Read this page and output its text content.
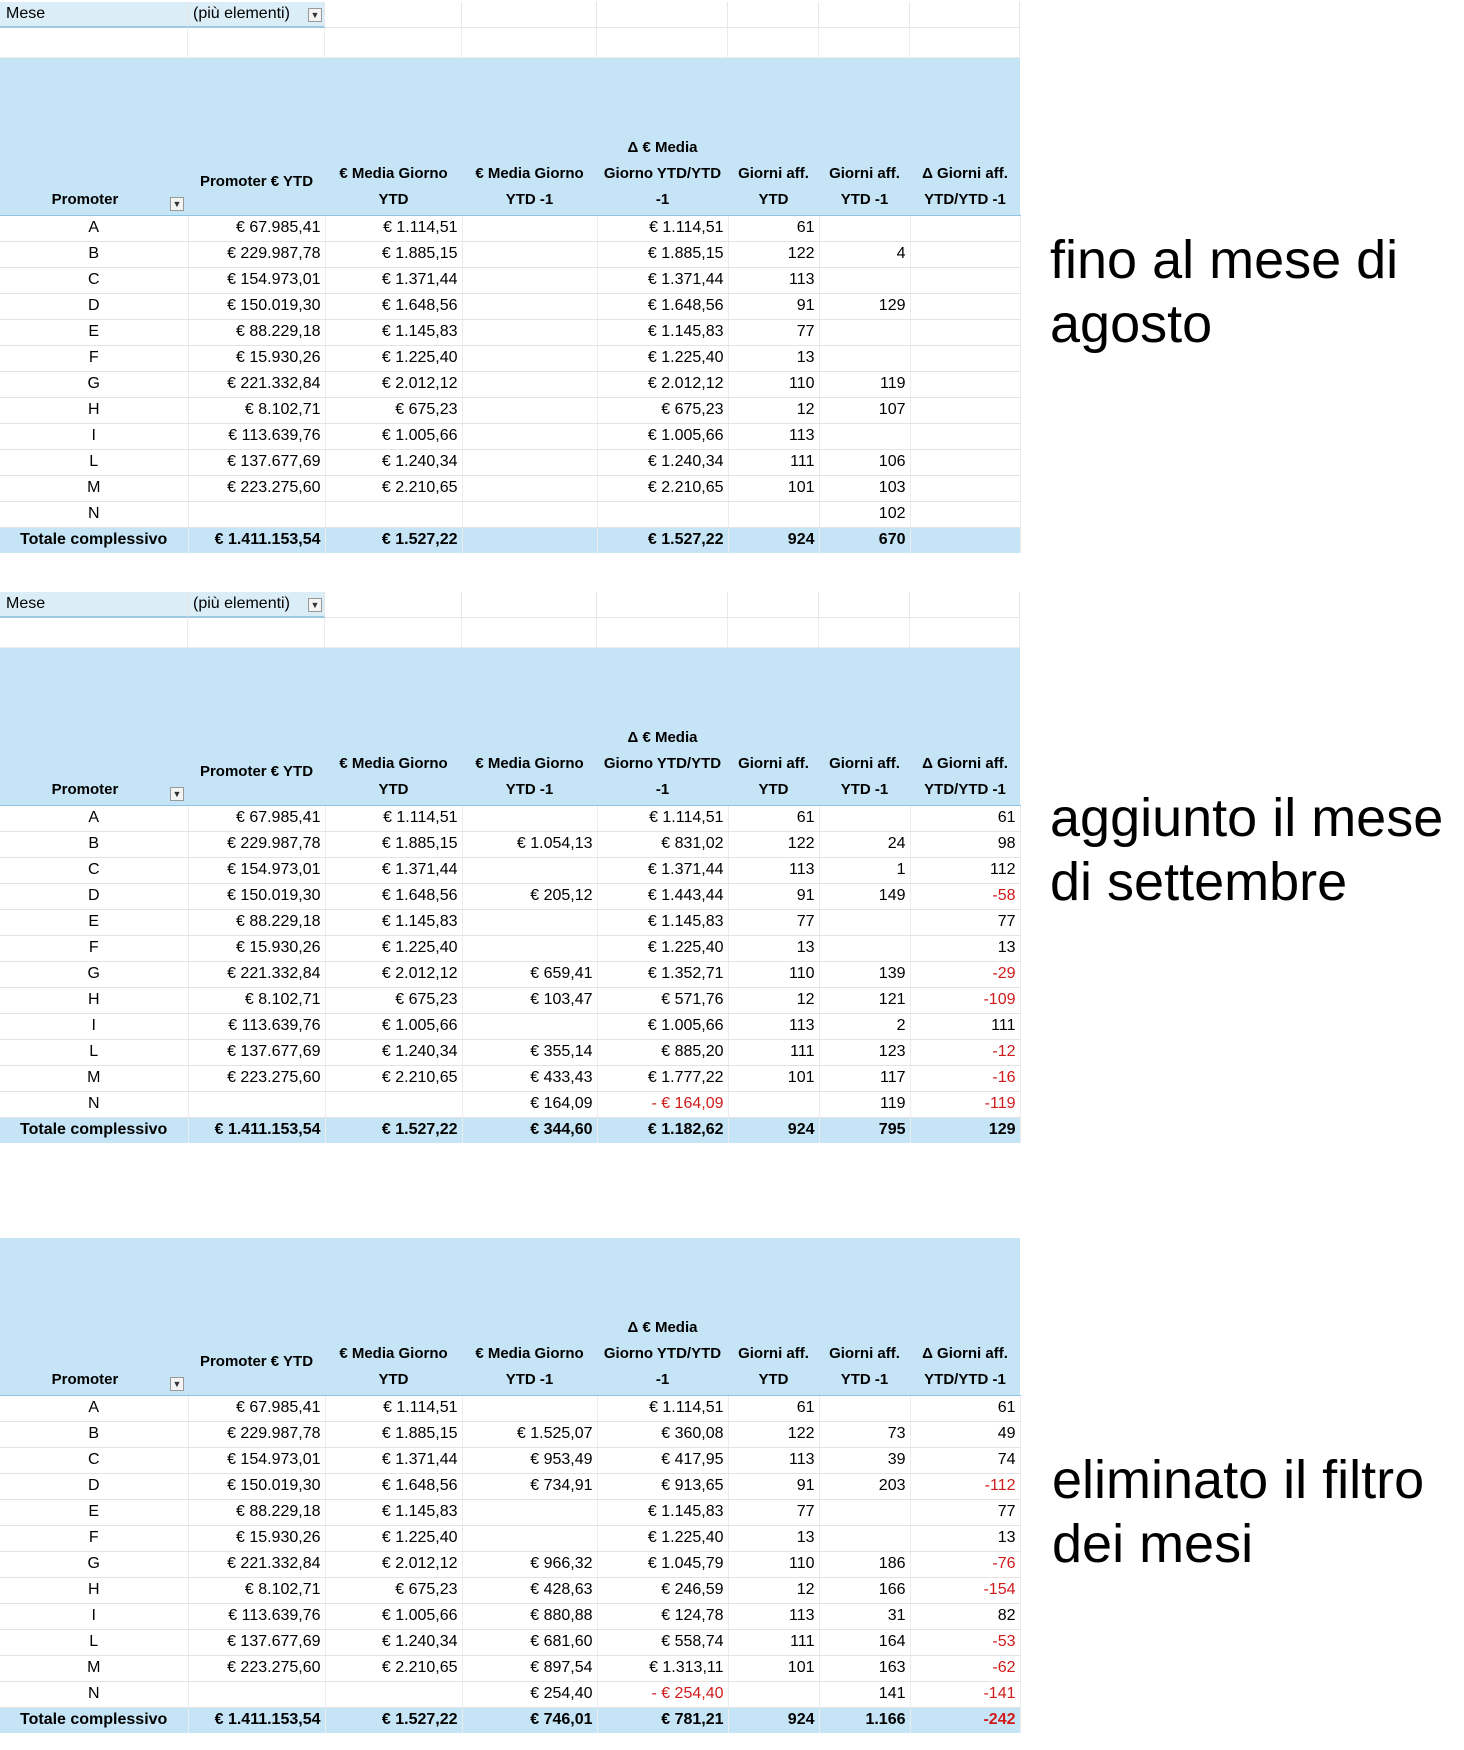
Mese	(più elementi) ▼
Promoter ▼	Promoter € YTD	€ Media Giorno YTD	€ Media Giorno YTD -1	Δ € Media Giorno YTD/YTD -1	Giorni aff. YTD	Giorni aff. YTD -1	Δ Giorni aff. YTD/YTD -1

A	€ 67.985,41	€ 1.114,51		€ 1.114,51	61		
B	€ 229.987,78	€ 1.885,15		€ 1.885,15	122	4	
C	€ 154.973,01	€ 1.371,44		€ 1.371,44	113		
D	€ 150.019,30	€ 1.648,56		€ 1.648,56	91	129	
E	€ 88.229,18	€ 1.145,83		€ 1.145,83	77		
F	€ 15.930,26	€ 1.225,40		€ 1.225,40	13		
G	€ 221.332,84	€ 2.012,12		€ 2.012,12	110	119	
H	€ 8.102,71	€ 675,23		€ 675,23	12	107	
I	€ 113.639,76	€ 1.005,66		€ 1.005,66	113		
L	€ 137.677,69	€ 1.240,34		€ 1.240,34	111	106	
M	€ 223.275,60	€ 2.210,65		€ 2.210,65	101	103	
N						102	
Totale complessivo	€ 1.411.153,54	€ 1.527,22		€ 1.527,22	924	670	
Mese	(più elementi) ▼
Promoter ▼	Promoter € YTD	€ Media Giorno YTD	€ Media Giorno YTD -1	Δ € Media Giorno YTD/YTD -1	Giorni aff. YTD	Giorni aff. YTD -1	Δ Giorni aff. YTD/YTD -1

A	€ 67.985,41	€ 1.114,51		€ 1.114,51	61		61
B	€ 229.987,78	€ 1.885,15	€ 1.054,13	€ 831,02	122	24	98
C	€ 154.973,01	€ 1.371,44		€ 1.371,44	113	1	112
D	€ 150.019,30	€ 1.648,56	€ 205,12	€ 1.443,44	91	149	-58
E	€ 88.229,18	€ 1.145,83		€ 1.145,83	77		77
F	€ 15.930,26	€ 1.225,40		€ 1.225,40	13		13
G	€ 221.332,84	€ 2.012,12	€ 659,41	€ 1.352,71	110	139	-29
H	€ 8.102,71	€ 675,23	€ 103,47	€ 571,76	12	121	-109
I	€ 113.639,76	€ 1.005,66		€ 1.005,66	113	2	111
L	€ 137.677,69	€ 1.240,34	€ 355,14	€ 885,20	111	123	-12
M	€ 223.275,60	€ 2.210,65	€ 433,43	€ 1.777,22	101	117	-16
N			€ 164,09	- € 164,09		119	-119
Totale complessivo	€ 1.411.153,54	€ 1.527,22	€ 344,60	€ 1.182,62	924	795	129
Promoter ▼	Promoter € YTD	€ Media Giorno YTD	€ Media Giorno YTD -1	Δ € Media Giorno YTD/YTD -1	Giorni aff. YTD	Giorni aff. YTD -1	Δ Giorni aff. YTD/YTD -1

A	€ 67.985,41	€ 1.114,51		€ 1.114,51	61		61
B	€ 229.987,78	€ 1.885,15	€ 1.525,07	€ 360,08	122	73	49
C	€ 154.973,01	€ 1.371,44	€ 953,49	€ 417,95	113	39	74
D	€ 150.019,30	€ 1.648,56	€ 734,91	€ 913,65	91	203	-112
E	€ 88.229,18	€ 1.145,83		€ 1.145,83	77		77
F	€ 15.930,26	€ 1.225,40		€ 1.225,40	13		13
G	€ 221.332,84	€ 2.012,12	€ 966,32	€ 1.045,79	110	186	-76
H	€ 8.102,71	€ 675,23	€ 428,63	€ 246,59	12	166	-154
I	€ 113.639,76	€ 1.005,66	€ 880,88	€ 124,78	113	31	82
L	€ 137.677,69	€ 1.240,34	€ 681,60	€ 558,74	111	164	-53
M	€ 223.275,60	€ 2.210,65	€ 897,54	€ 1.313,11	101	163	-62
N			€ 254,40	- € 254,40		141	-141
Totale complessivo	€ 1.411.153,54	€ 1.527,22	€ 746,01	€ 781,21	924	1.166	-242
fino al mese di
agosto
aggiunto il mese
di settembre
eliminato il filtro
dei mesi
